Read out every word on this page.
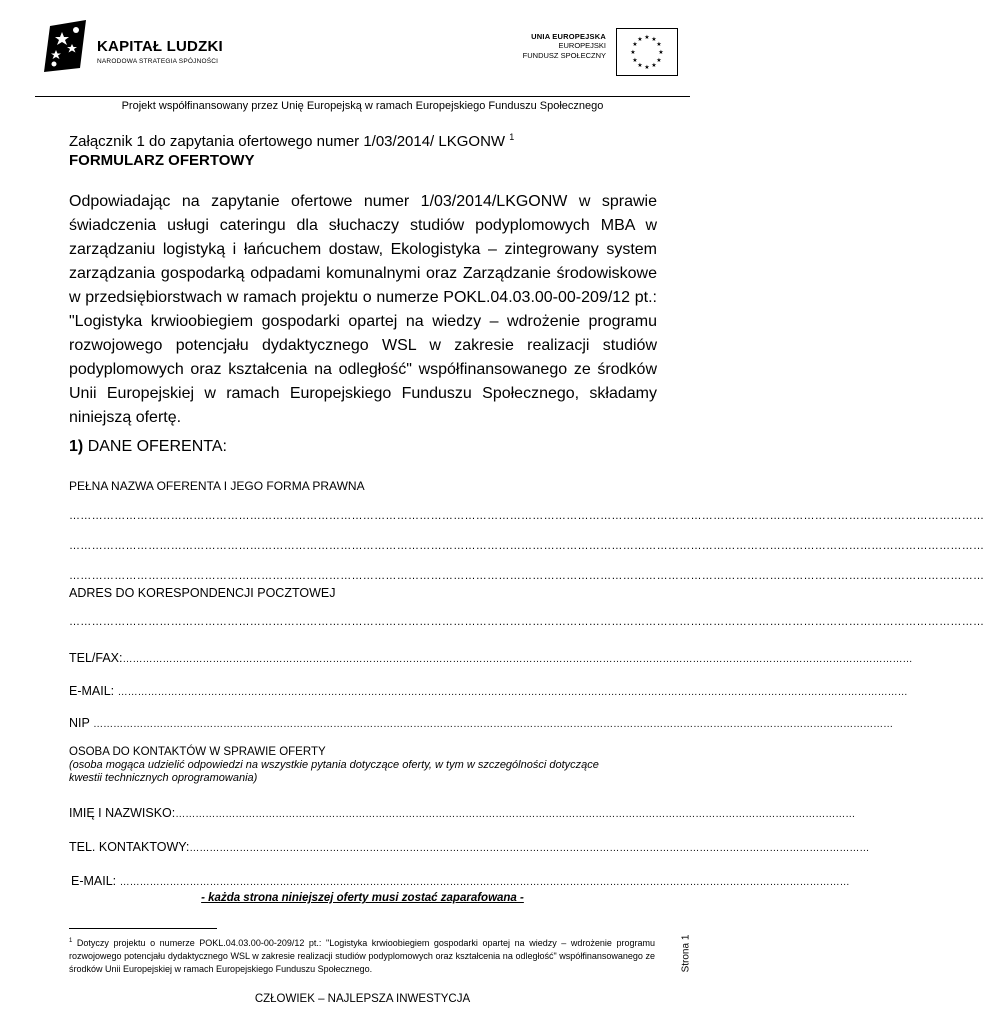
KAPITAŁ LUDZKI
NARODOWA STRATEGIA SPÓJNOŚCI
UNIA EUROPEJSKA
EUROPEJSKI
FUNDUSZ SPOŁECZNY
★ ★
★
★
★
★
★
★
★
★
★
★
Projekt współfinansowany przez Unię Europejską w ramach Europejskiego Funduszu Społecznego
Załącznik 1 do zapytania ofertowego numer 1/03/2014/ LKGONW $^1$
FORMULARZ OFERTOWY
Odpowiadając na zapytanie ofertowe numer 1/03/2014/LKGONW w sprawie świadczenia usługi cateringu dla słuchaczy studiów podyplomowych MBA w zarządzaniu logistyką i łańcuchem dostaw, Ekologistyka – zintegrowany system zarządzania gospodarką odpadami komunalnymi oraz Zarządzanie środowiskowe w przedsiębiorstwach w ramach projektu o numerze POKL.04.03.00-00-209/12 pt.: "Logistyka krwioobiegiem gospodarki opartej na wiedzy – wdrożenie programu rozwojowego potencjału dydaktycznego WSL w zakresie realizacji studiów podyplomowych oraz kształcenia na odległość" współfinansowanego ze środków Unii Europejskiej w ramach Europejskiego Funduszu Społecznego, składamy niniejszą ofertę.
1) DANE OFERENTA:
PEŁNA NAZWA OFERENTA I JEGO FORMA PRAWNA
………………………………………………………………………………………………………………………………………………………………………………………………………………………
………………………………………………………………………………………………………………………………………………………………………………………………………………………
………………………………………………………………………………………………………………………………………………………………………………………………………………………
ADRES DO KORESPONDENCJI POCZTOWEJ
………………………………………………………………………………………………………………………………………………………………………………………………………………………
TEL/FAX:…………………………………………………………………………………………………………………………………………………………………………………………………………………
E-MAIL: …………………………………………………………………………………………………………………………………………………………………………………………………………………
NIP ……………………………………………………………………………………………………………………………………………………………………………………………………………………
OSOBA DO KONTAKTÓW W SPRAWIE OFERTY
(osoba mogąca udzielić odpowiedzi na wszystkie pytania dotyczące oferty, w tym w szczególności dotyczące kwestii technicznych oprogramowania)
IMIĘ I NAZWISKO:……………………………………………………………………………………………………………………………………………………………………………………
TEL. KONTAKTOWY:……………………………………………………………………………………………………………………………………………………………………………………
E-MAIL: …………………………………………………………………………………………………………………………………………………………………………………………………
- każda strona niniejszej oferty musi zostać zaparafowana -
$^1$ Dotyczy projektu o numerze POKL.04.03.00-00-209/12 pt.: "Logistyka krwioobiegiem gospodarki opartej na wiedzy – wdrożenie programu rozwojowego potencjału dydaktycznego WSL w zakresie realizacji studiów podyplomowych oraz kształcenia na odległość" współfinansowanego ze środków Unii Europejskiej w ramach Europejskiego Funduszu Społecznego.	Strona 1
CZŁOWIEK – NAJLEPSZA INWESTYCJA
